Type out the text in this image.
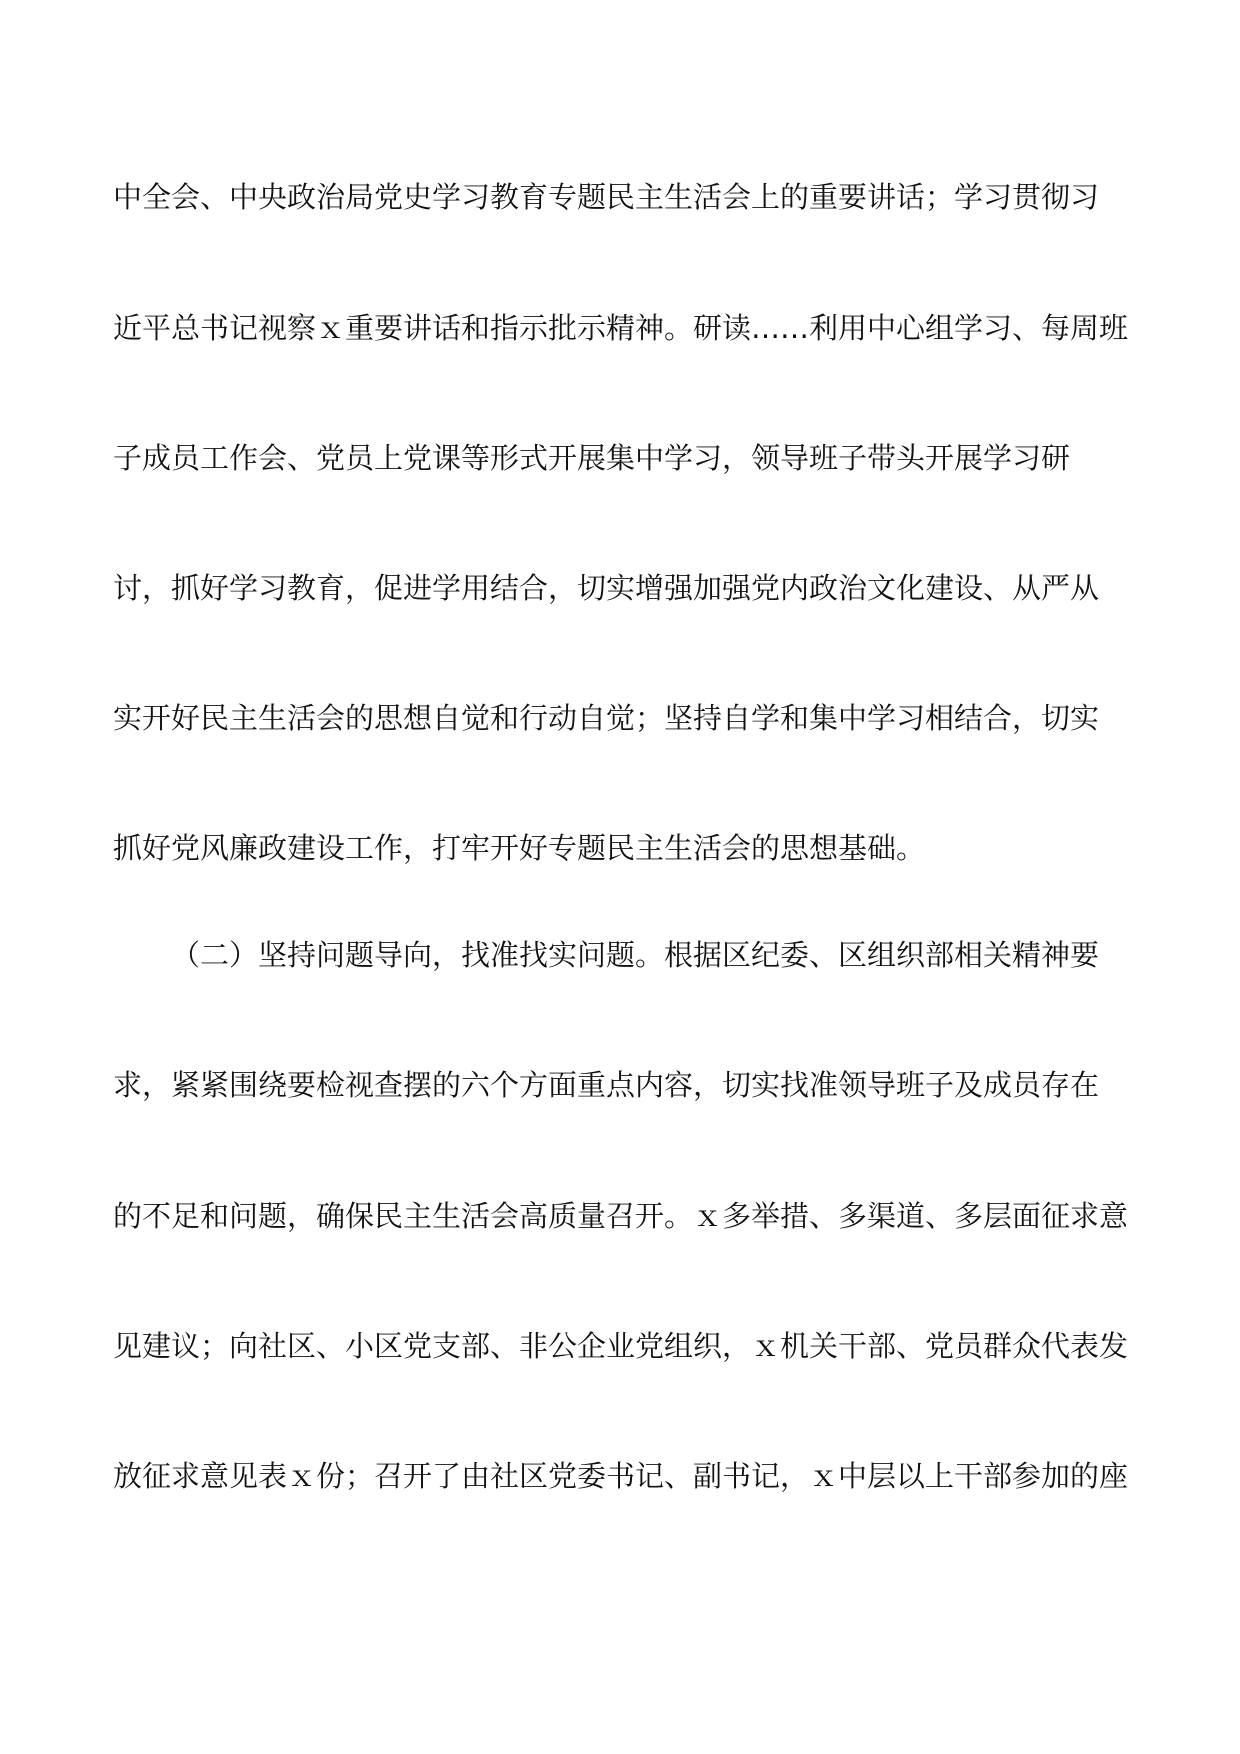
中全会、中央政治局党史学习教育专题民主生活会上的重要讲话；学习贯彻习
近平总书记视察ｘ重要讲话和指示批示精神。研读……利用中心组学习、每周班
子成员工作会、党员上党课等形式开展集中学习，领导班子带头开展学习研
讨，抓好学习教育，促进学用结合，切实增强加强党内政治文化建设、从严从
实开好民主生活会的思想自觉和行动自觉；坚持自学和集中学习相结合，切实
抓好党风廉政建设工作，打牢开好专题民主生活会的思想基础。
（二）坚持问题导向，找准找实问题。根据区纪委、区组织部相关精神要
求，紧紧围绕要检视查摆的六个方面重点内容，切实找准领导班子及成员存在
的不足和问题，确保民主生活会高质量召开。ｘ多举措、多渠道、多层面征求意
见建议；向社区、小区党支部、非公企业党组织，ｘ机关干部、党员群众代表发
放征求意见表ｘ份；召开了由社区党委书记、副书记，ｘ中层以上干部参加的座
